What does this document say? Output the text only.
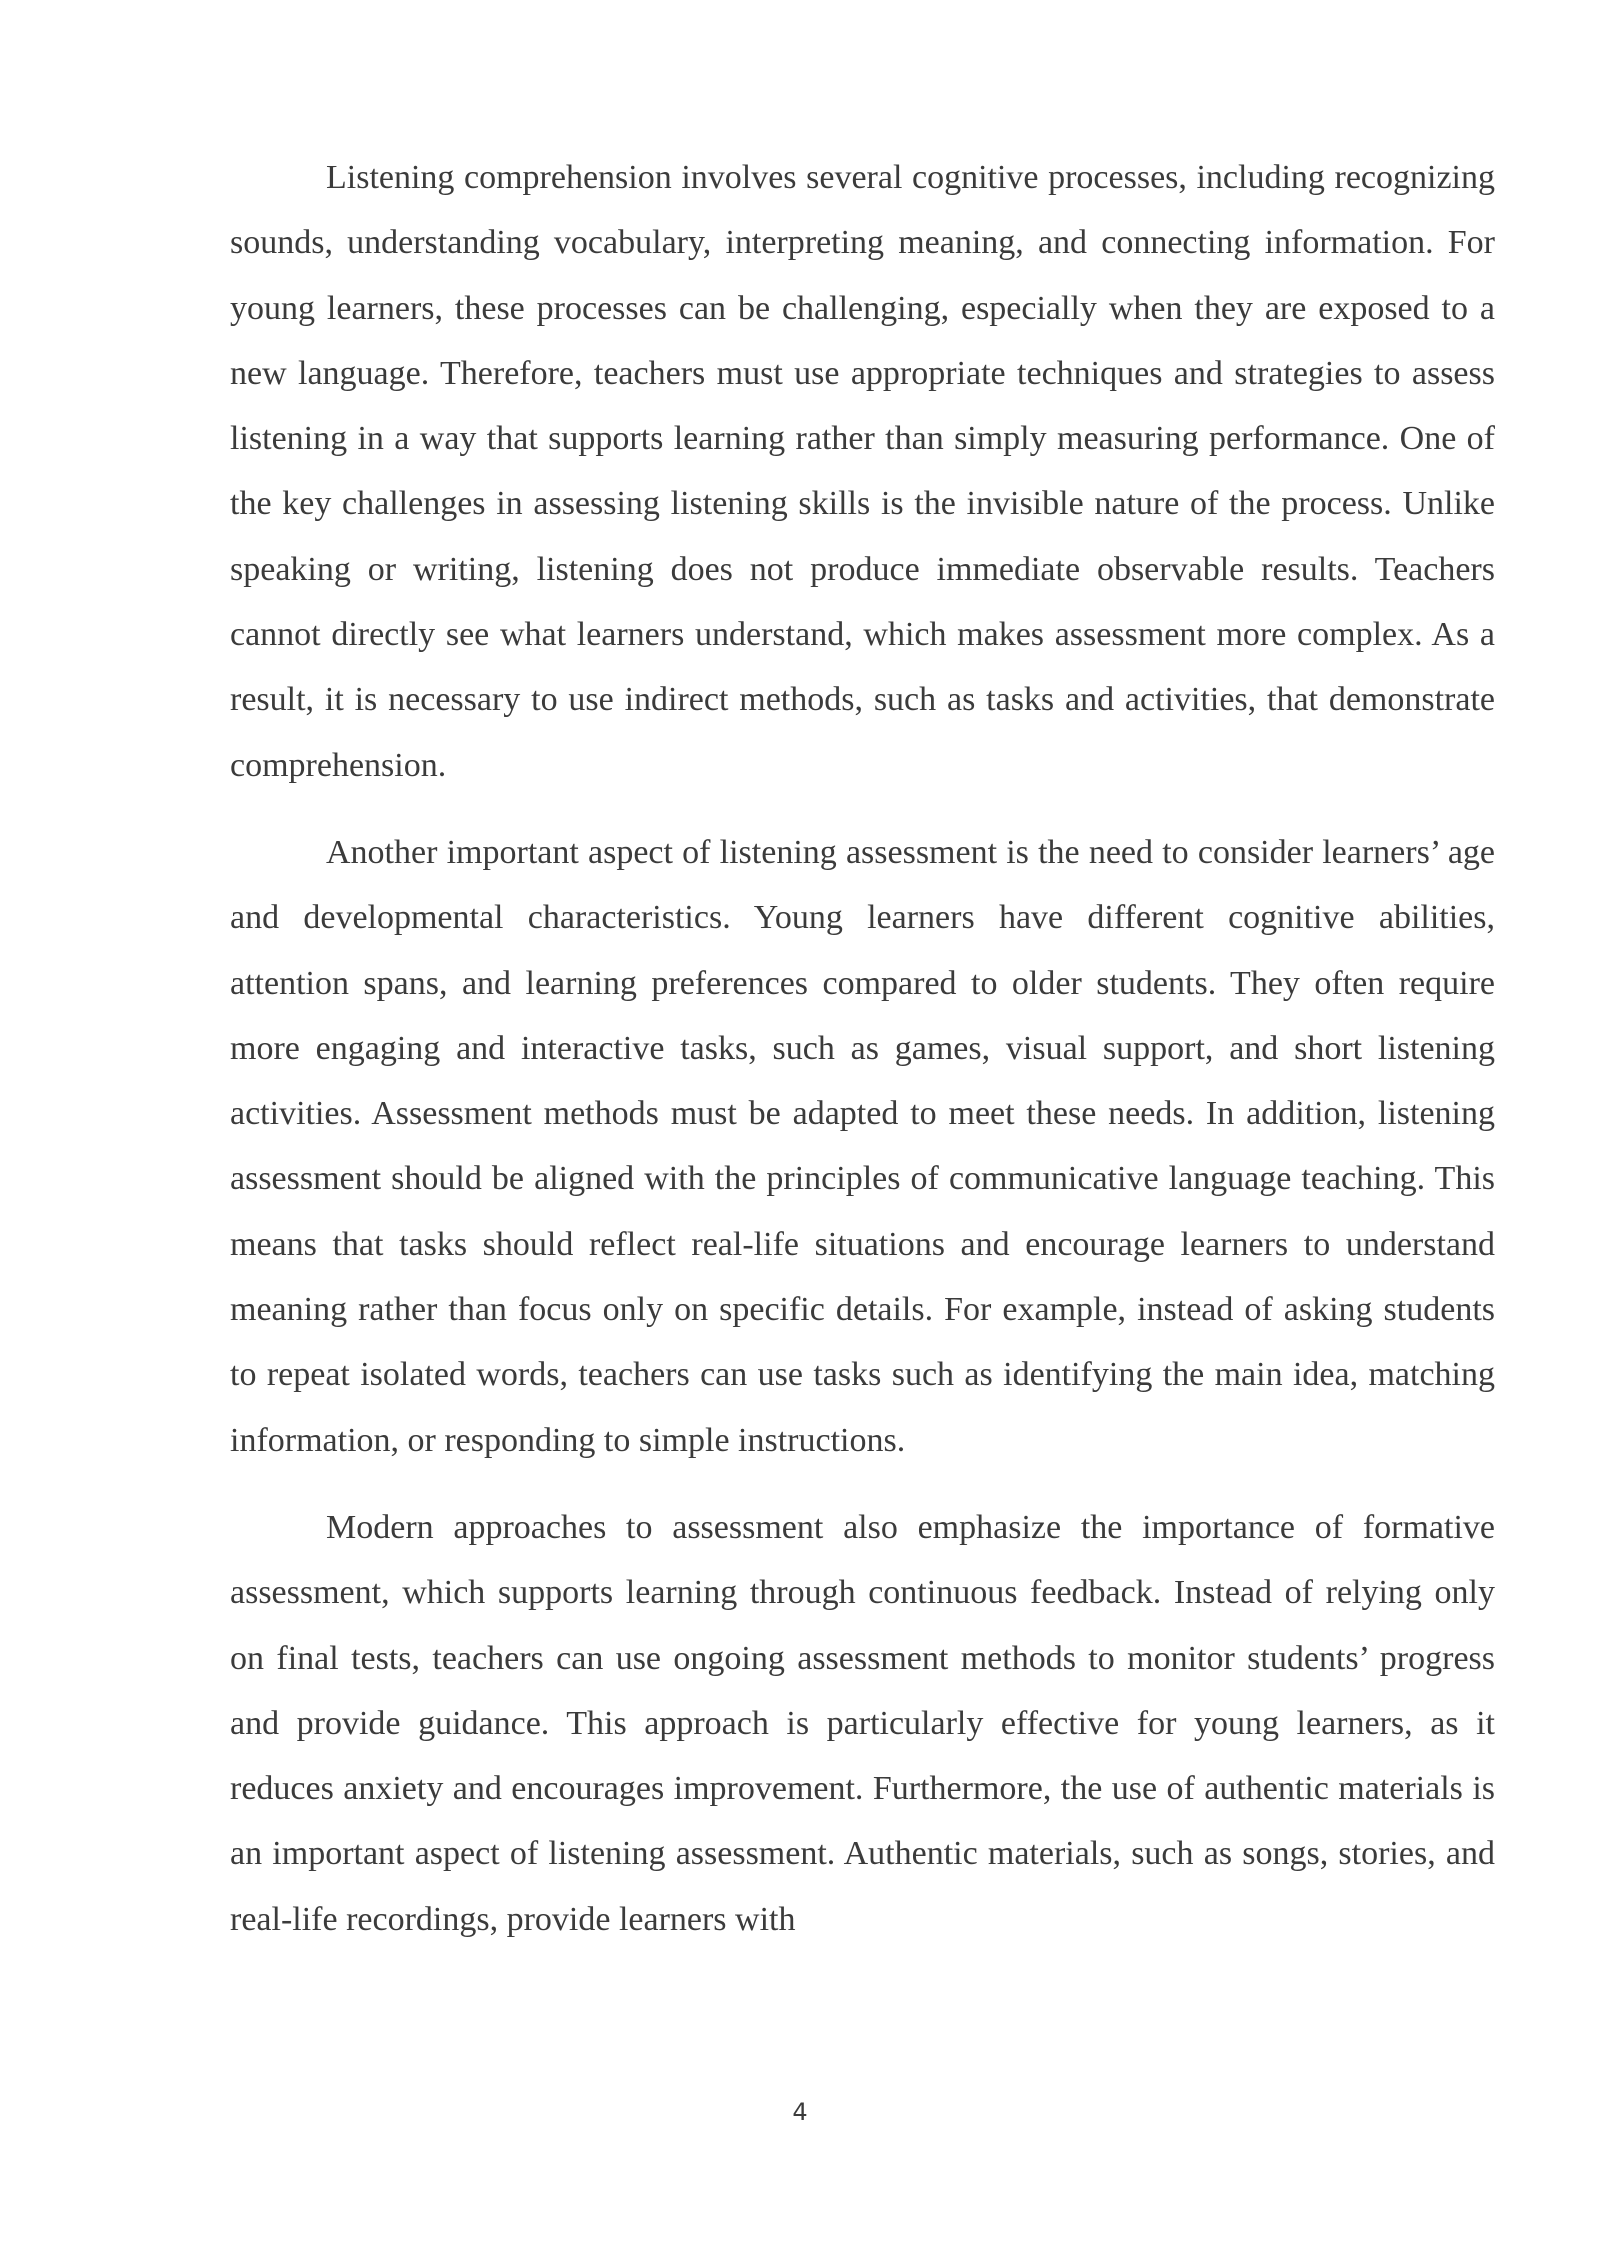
Listening comprehension involves several cognitive processes, including recognizing sounds, understanding vocabulary, interpreting meaning, and connecting information. For young learners, these processes can be challenging, especially when they are exposed to a new language. Therefore, teachers must use appropriate techniques and strategies to assess listening in a way that supports learning rather than simply measuring performance. One of the key challenges in assessing listening skills is the invisible nature of the process. Unlike speaking or writing, listening does not produce immediate observable results. Teachers cannot directly see what learners understand, which makes assessment more complex. As a result, it is necessary to use indirect methods, such as tasks and activities, that demonstrate comprehension.

Another important aspect of listening assessment is the need to consider learners’ age and developmental characteristics. Young learners have different cognitive abilities, attention spans, and learning preferences compared to older students. They often require more engaging and interactive tasks, such as games, visual support, and short listening activities. Assessment methods must be adapted to meet these needs. In addition, listening assessment should be aligned with the principles of communicative language teaching. This means that tasks should reflect real-life situations and encourage learners to understand meaning rather than focus only on specific details. For example, instead of asking students to repeat isolated words, teachers can use tasks such as identifying the main idea, matching information, or responding to simple instructions.

Modern approaches to assessment also emphasize the importance of formative assessment, which supports learning through continuous feedback. Instead of relying only on final tests, teachers can use ongoing assessment methods to monitor students’ progress and provide guidance. This approach is particularly effective for young learners, as it reduces anxiety and encourages improvement. Furthermore, the use of authentic materials is an important aspect of listening assessment. Authentic materials, such as songs, stories, and real-life recordings, provide learners with

4
